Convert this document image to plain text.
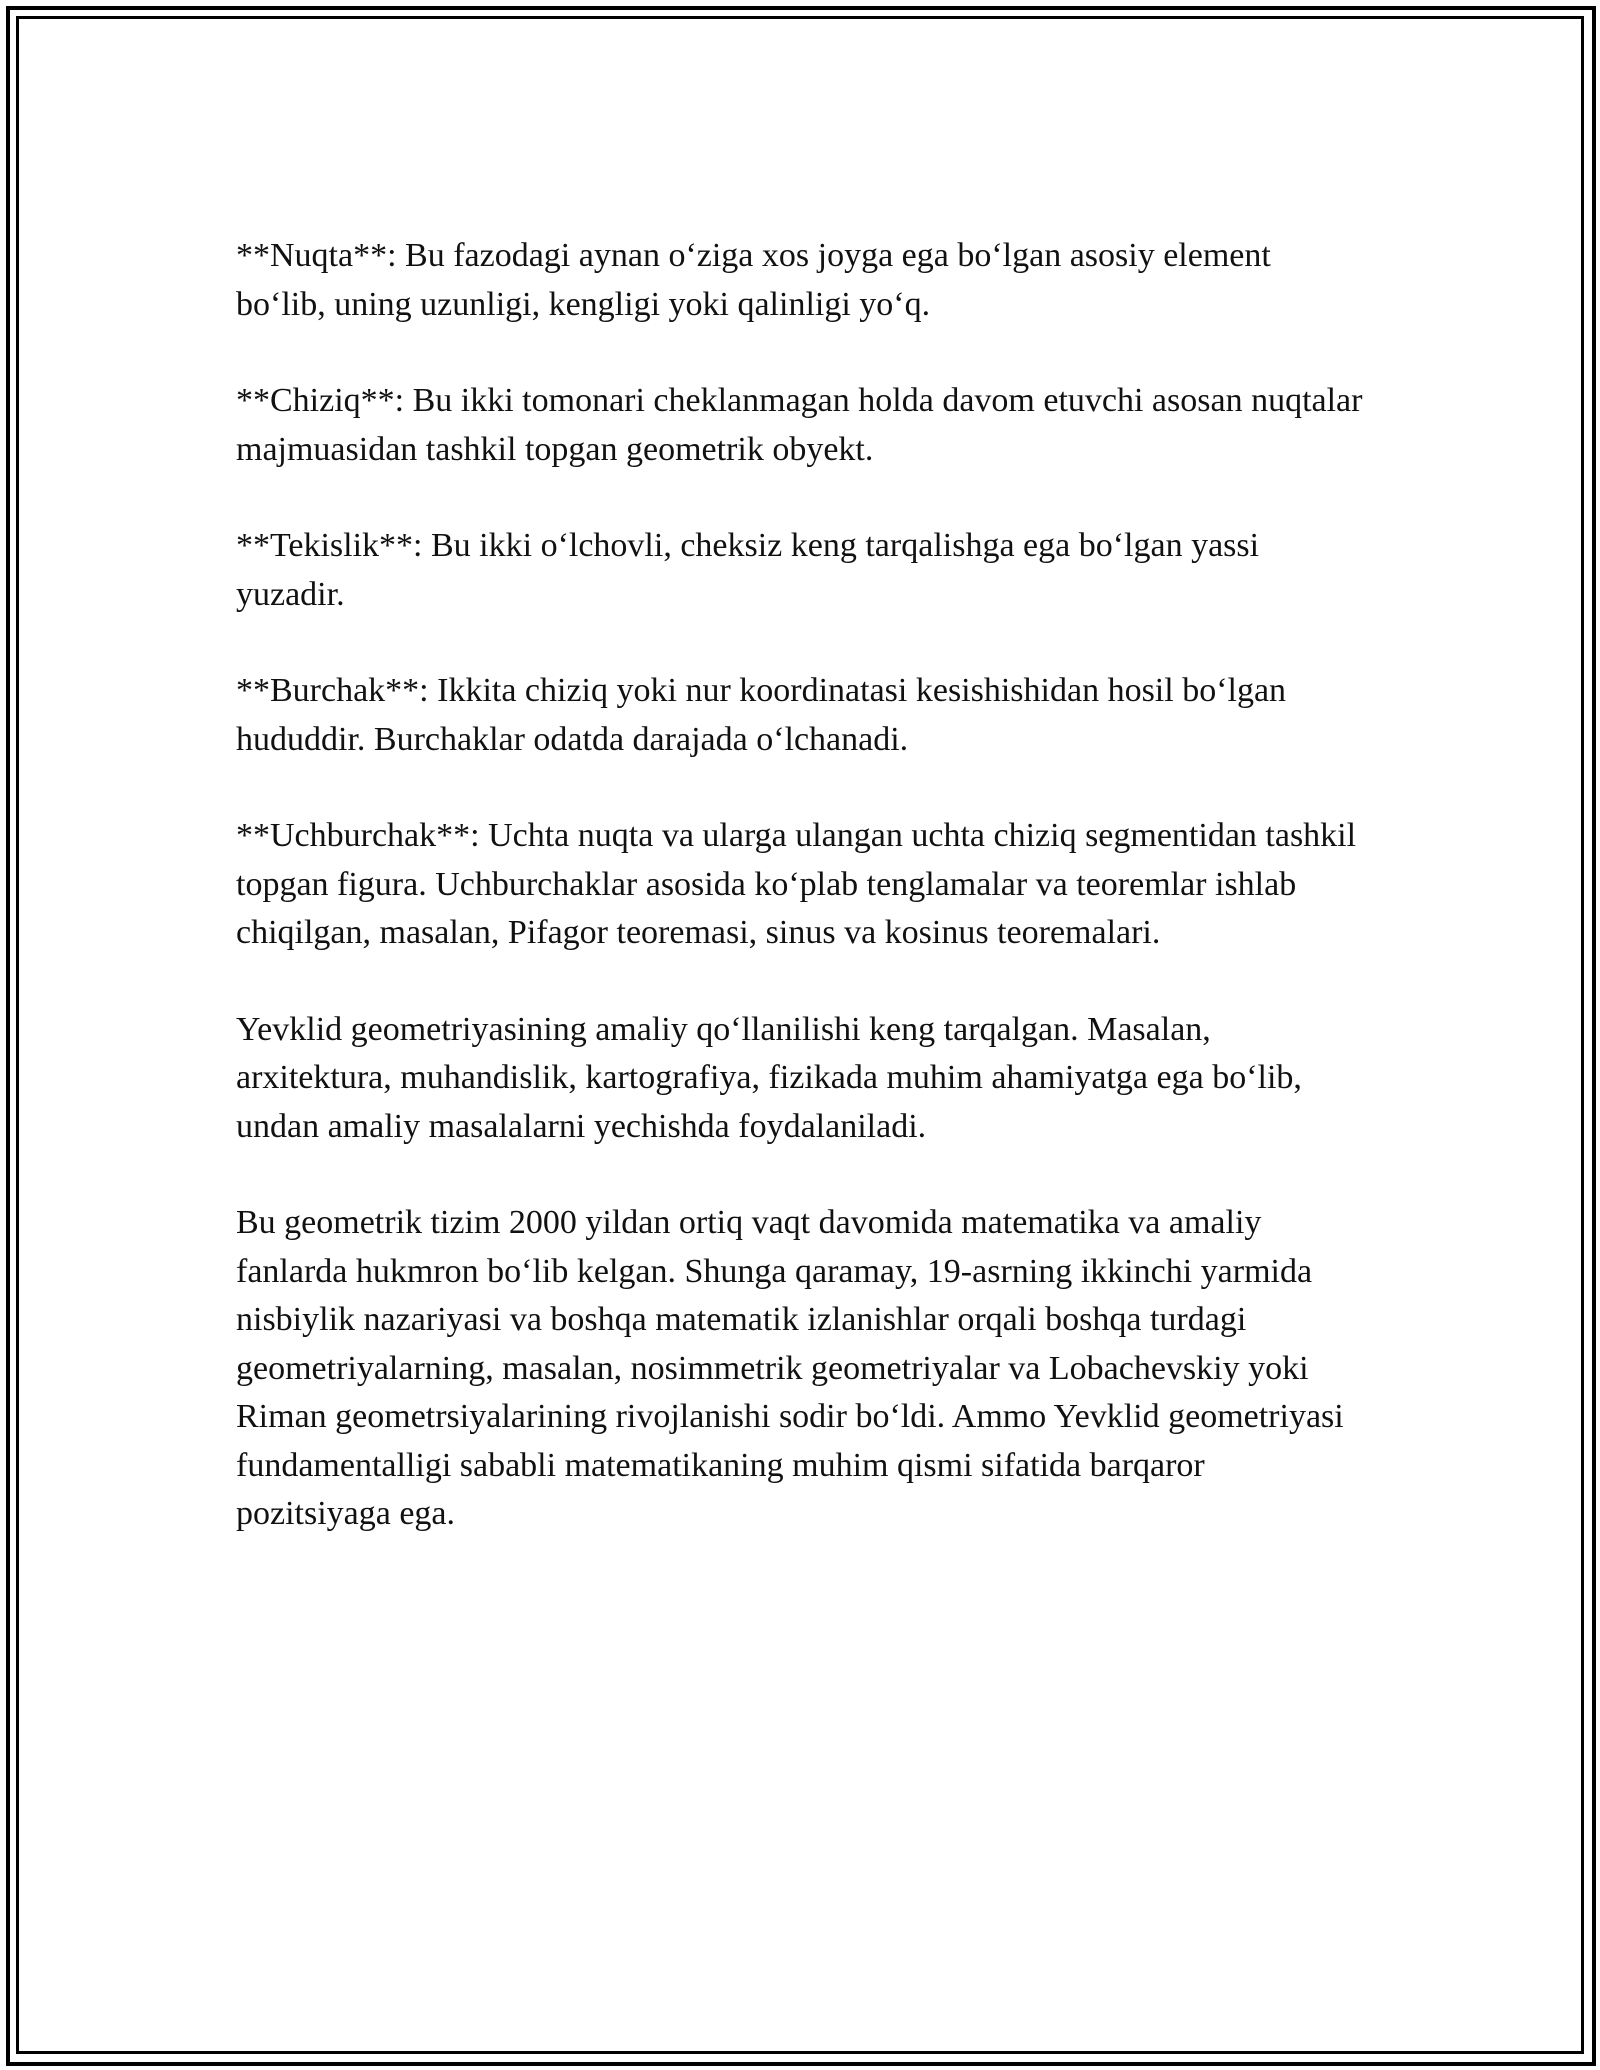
**Nuqta**: Bu fazodagi aynan o‘ziga xos joyga ega bo‘lgan asosiy element bo‘lib, uning uzunligi, kengligi yoki qalinligi yo‘q.

**Chiziq**: Bu ikki tomonari cheklanmagan holda davom etuvchi asosan nuqtalar majmuasidan tashkil topgan geometrik obyekt.

**Tekislik**: Bu ikki o‘lchovli, cheksiz keng tarqalishga ega bo‘lgan yassi yuzadir.

**Burchak**: Ikkita chiziq yoki nur koordinatasi kesishishidan hosil bo‘lgan hududdir. Burchaklar odatda darajada o‘lchanadi.

**Uchburchak**: Uchta nuqta va ularga ulangan uchta chiziq segmentidan tashkil topgan figura. Uchburchaklar asosida ko‘plab tenglamalar va teoremlar ishlab chiqilgan, masalan, Pifagor teoremasi, sinus va kosinus teoremalari.

Yevklid geometriyasining amaliy qo‘llanilishi keng tarqalgan. Masalan, arxitektura, muhandislik, kartografiya, fizikada muhim ahamiyatga ega bo‘lib, undan amaliy masalalarni yechishda foydalaniladi.

Bu geometrik tizim 2000 yildan ortiq vaqt davomida matematika va amaliy fanlarda hukmron bo‘lib kelgan. Shunga qaramay, 19-asrning ikkinchi yarmida nisbiylik nazariyasi va boshqa matematik izlanishlar orqali boshqa turdagi geometriyalarning, masalan, nosimmetrik geometriyalar va Lobachevskiy yoki Riman geometrsiyalarining rivojlanishi sodir bo‘ldi. Ammo Yevklid geometriyasi fundamentalligi sababli matematikaning muhim qismi sifatida barqaror pozitsiyaga ega.
